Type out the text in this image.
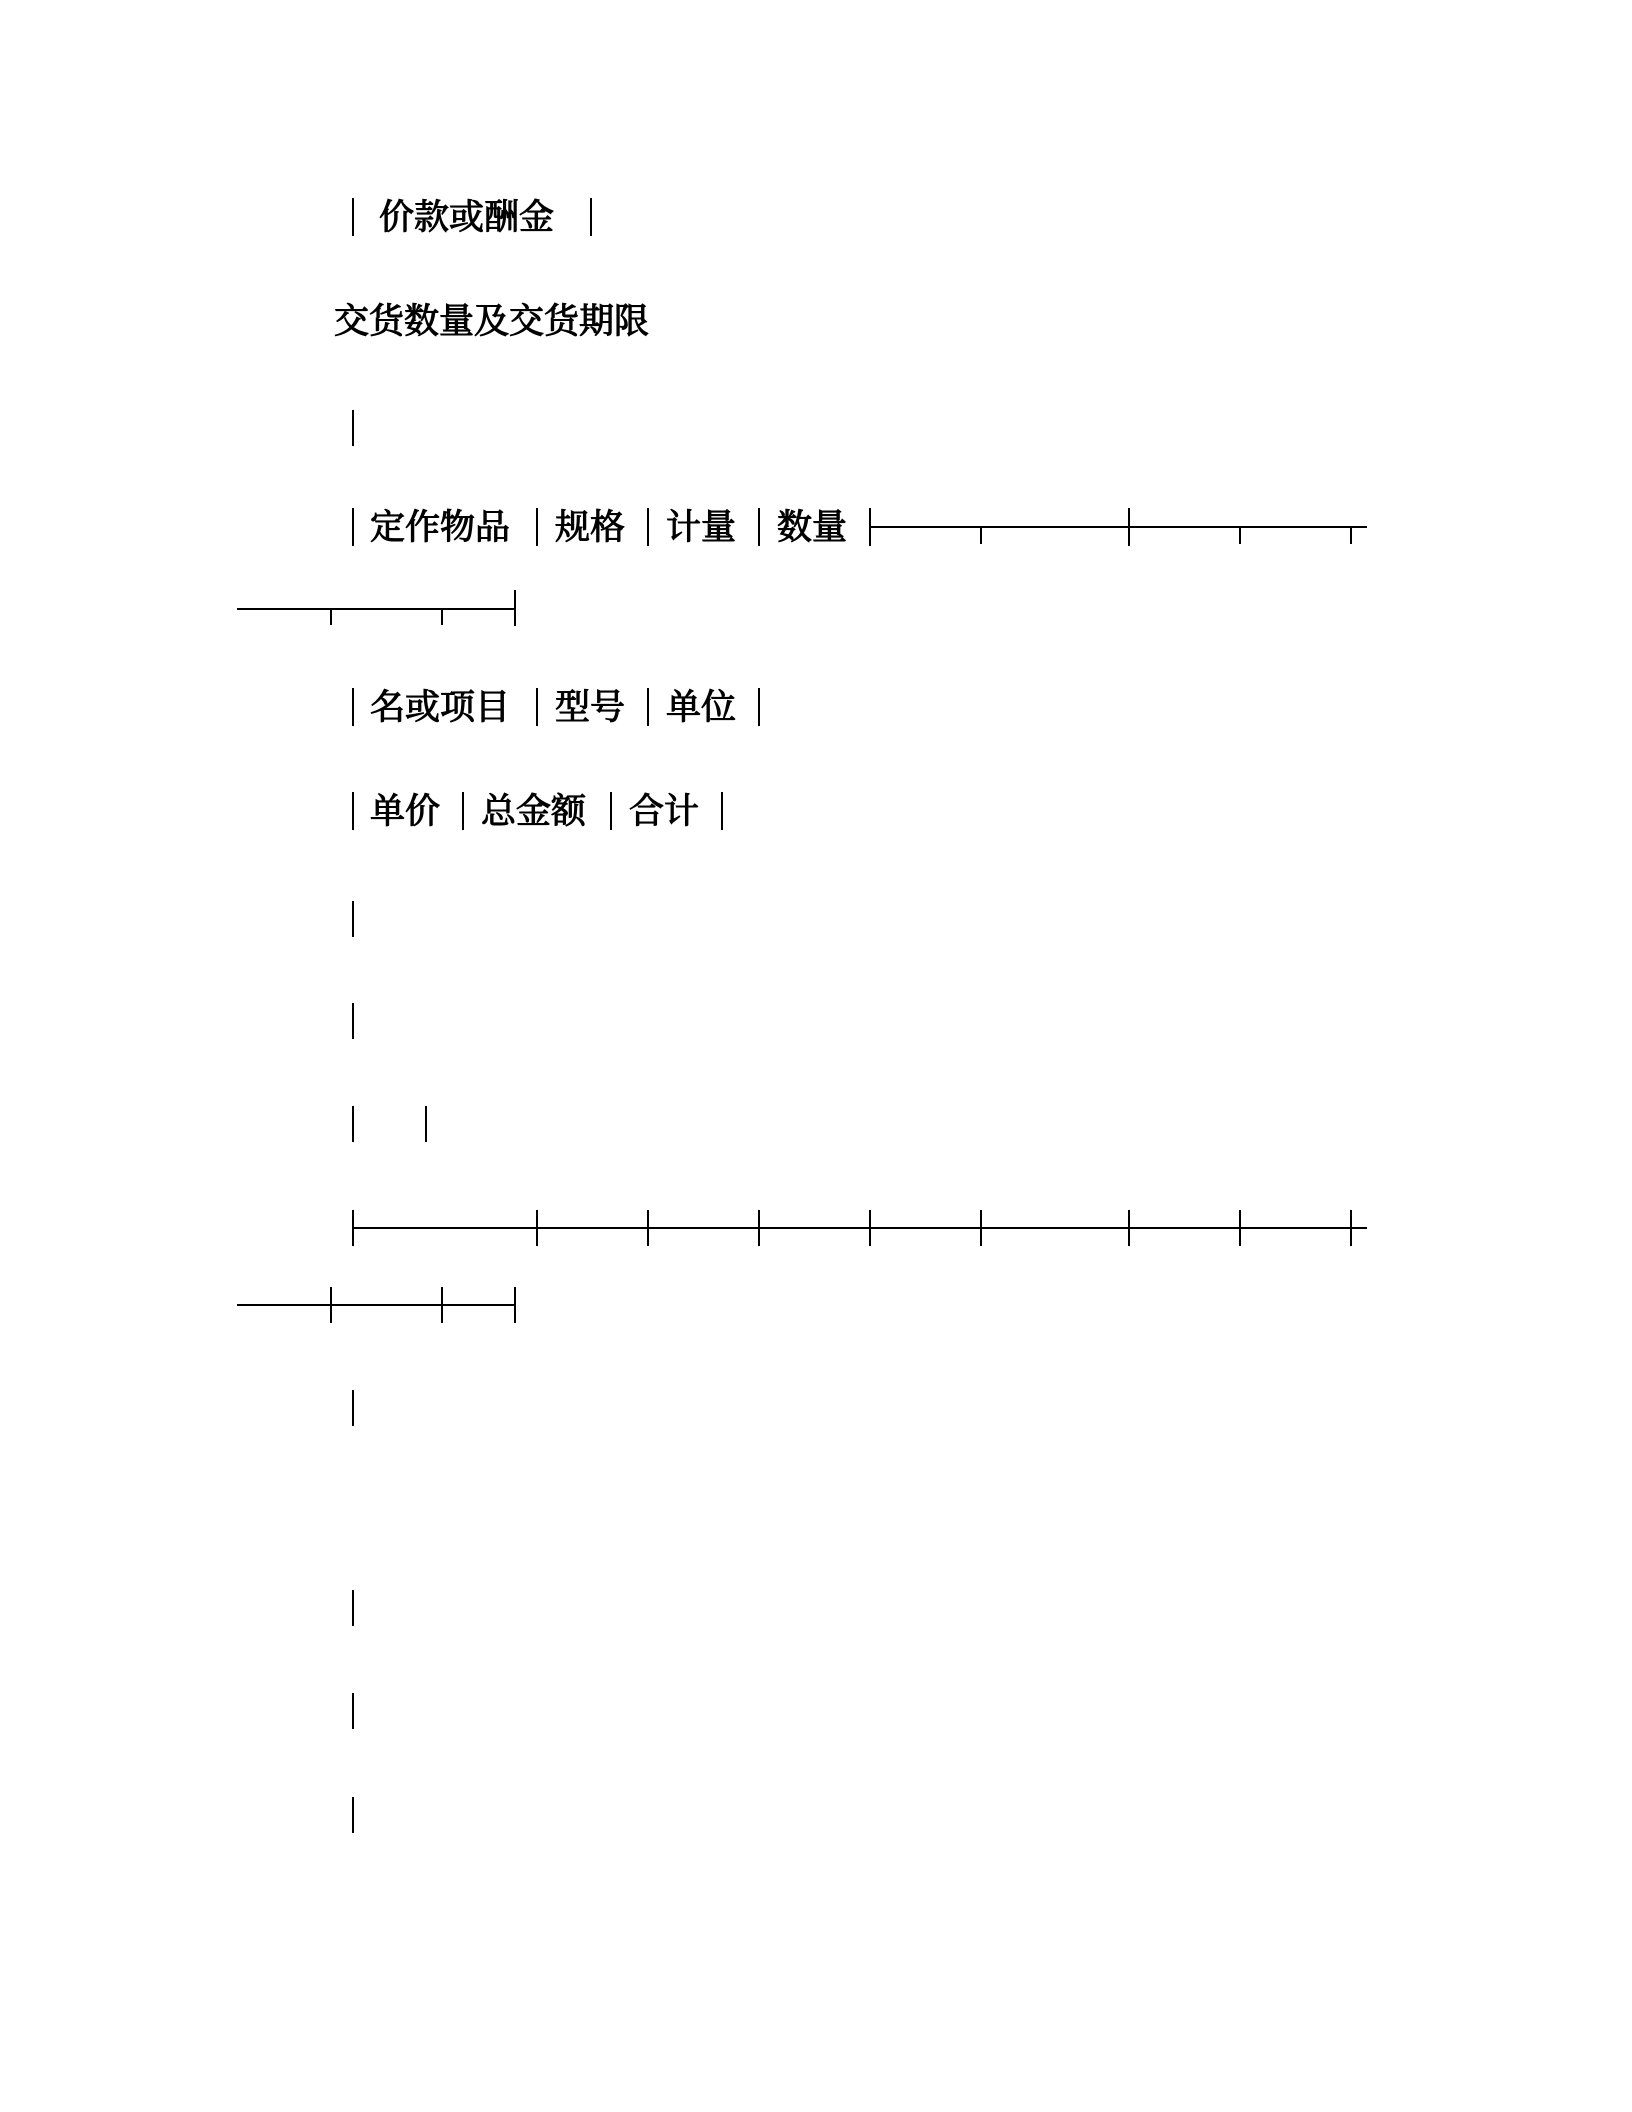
价款或酬金
交货数量及交货期限
定作物品 规格 计量 数量
名或项目 型号 单位
单价 总金额 合计
